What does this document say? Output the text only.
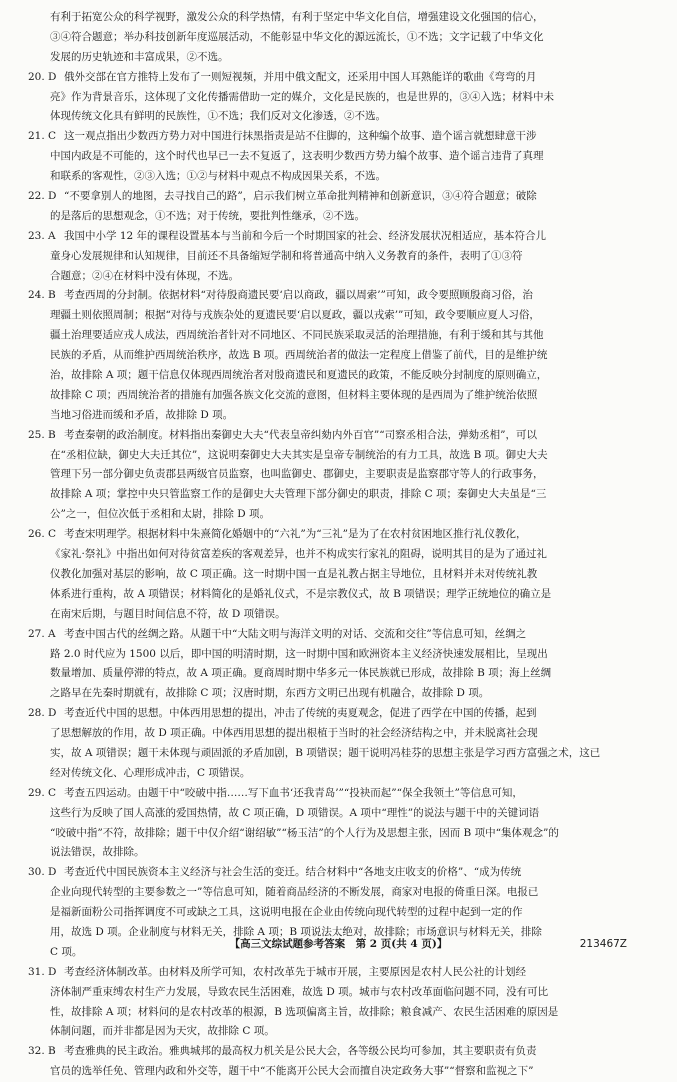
有利于拓宽公众的科学视野，激发公众的科学热情，有利于坚定中华文化自信，增强建设文化强国的信心，
③④符合题意；举办科技创新年度巡展活动，不能彰显中华文化的源远流长，①不选；文字记载了中华文化
发展的历史轨迹和丰富成果，②不选。
20. D 俄外交部在官方推特上发布了一则短视频，并用中俄文配文，还采用中国人耳熟能详的歌曲《弯弯的月
亮》作为背景音乐，这体现了文化传播需借助一定的媒介，文化是民族的，也是世界的，③④入选；材料中未
体现传统文化具有鲜明的民族性，①不选；我们反对文化渗透，②不选。
21. C 这一观点指出少数西方势力对中国进行抹黑指责是站不住脚的，这种编个故事、造个谣言就想肆意干涉
中国内政是不可能的，这个时代也早已一去不复返了，这表明少数西方势力编个故事、造个谣言违背了真理
和联系的客观性，②③入选；①②与材料中观点不构成因果关系，不选。
22. D “不要拿别人的地图，去寻找自己的路”，启示我们树立革命批判精神和创新意识，③④符合题意；破除
的是落后的思想观念，①不选；对于传统，要批判性继承，②不选。
23. A 我国中小学 12 年的课程设置基本与当前和今后一个时期国家的社会、经济发展状况相适应，基本符合儿
童身心发展规律和认知规律，目前还不具备缩短学制和将普通高中纳入义务教育的条件，表明了①③符
合题意；②④在材料中没有体现，不选。
24. B 考查西周的分封制。依据材料“对待殷商遗民要‘启以商政，疆以周索’”可知，政令要照顾殷商习俗，治
理疆土则依照周制；根据“对待与戎族杂处的夏遗民要‘启以夏政，疆以戎索’”可知，政令要顺应夏人习俗，
疆土治理要适应戎人成法，西周统治者针对不同地区、不同民族采取灵活的治理措施，有利于缓和其与其他
民族的矛盾，从而维护西周统治秩序，故选 B 项。西周统治者的做法一定程度上借鉴了前代，目的是维护统
治，故排除 A 项；题干信息仅体现西周统治者对殷商遗民和夏遗民的政策，不能反映分封制度的原则确立，
故排除 C 项；西周统治者的措施有加强各族文化交流的意图，但材料主要体现的是西周为了维护统治依照
当地习俗进而缓和矛盾，故排除 D 项。
25. B 考查秦朝的政治制度。材料指出秦御史大夫“代表皇帝纠劾内外百官”“司察丞相合法，弹劾丞相”，可以
在“丞相位缺，御史大夫迁其位”，这说明秦御史大夫其实是皇帝专制统治的有力工具，故选 B 项。御史大夫
管理下另一部分御史负责郡县两级官员监察，也叫监御史、郡御史，主要职责是监察郡守等人的行政事务，
故排除 A 项；掌控中央只管监察工作的是御史大夫管理下部分御史的职责，排除 C 项；秦御史大夫虽是“三
公”之一，但位次低于丞相和太尉，排除 D 项。
26. C 考查宋明理学。根据材料中朱熹简化婚姻中的“六礼”为“三礼”是为了在农村贫困地区推行礼仪教化，
《家礼·祭礼》中指出如何对待贫富差疾的客观差异，也并不构成实行家礼的阻碍，说明其目的是为了通过礼
仪教化加强对基层的影响，故 C 项正确。这一时期中国一直是礼教占据主导地位，且材料并未对传统礼教
体系进行重构，故 A 项错误；材料简化的是婚礼仪式，不是宗教仪式，故 B 项错误；理学正统地位的确立是
在南宋后期，与题目时间信息不符，故 D 项错误。
27. A 考查中国古代的丝绸之路。从题干中“大陆文明与海洋文明的对话、交流和交往”等信息可知，丝绸之
路 2.0 时代应为 1500 以后，即中国的明清时期，这一时期中国和欧洲资本主义经济快速发展相比，呈现出
数量增加、质量停滞的特点，故 A 项正确。夏商周时期中华多元一体民族就已形成，故排除 B 项；海上丝绸
之路早在先秦时期就有，故排除 C 项；汉唐时期，东西方文明已出现有机融合，故排除 D 项。
28. D 考查近代中国的思想。中体西用思想的提出，冲击了传统的夷夏观念，促进了西学在中国的传播，起到
了思想解放的作用，故 D 项正确。中体西用思想的提出根植于当时的社会经济结构之中，并未脱离社会现
实，故 A 项错误；题干未体现与顽固派的矛盾加剧，B 项错误；题干说明冯桂芬的思想主张是学习西方富强之术，这已
经对传统文化、心理形成冲击，C 项错误。
29. C 考查五四运动。由题干中“咬破中指……写下血书‘还我青岛’”“投袂而起”“保全我领土”等信息可知，
这些行为反映了国人高涨的爱国热情，故 C 项正确，D 项错误。A 项中“理性”的说法与题干中的关键词语
“咬破中指”不符，故排除；题干中仅介绍“谢绍敏”“杨玉洁”的个人行为及思想主张，因而 B 项中“集体观念”的
说法错误，故排除。
30. D 考查近代中国民族资本主义经济与社会生活的变迁。结合材料中“各地支庄收支的价格”、“成为传统
企业向现代转型的主要参数之一”等信息可知，随着商品经济的不断发展，商家对电报的倚重日深。电报已
是福新面粉公司指挥调度不可或缺之工具，这说明电报在企业由传统向现代转型的过程中起到一定的作
用，故选 D 项。企业制度与材料无关，排除 A 项；B 项说法太绝对，故排除；市场意识与材料无关，排除
C 项。
31. D 考查经济体制改革。由材料及所学可知，农村改革先于城市开展，主要原因是农村人民公社的计划经
济体制严重束缚农村生产力发展，导致农民生活困难，故选 D 项。城市与农村改革面临问题不同，没有可比
性，故排除 A 项；材料问的是农村改革的根源，B 选项偏离主旨，故排除；粮食减产、农民生活困难的原因是
体制问题，而并非都是因为天灾，故排除 C 项。
32. B 考查雅典的民主政治。雅典城邦的最高权力机关是公民大会，各等级公民均可参加，其主要职责有负责
官员的选举任免、管理内政和外交等，题干中“不能离开公民大会而擅自决定政务大事”“督察和监视之下”
【高三文综试题参考答案　第 2 页(共 4 页)】	213467Z
